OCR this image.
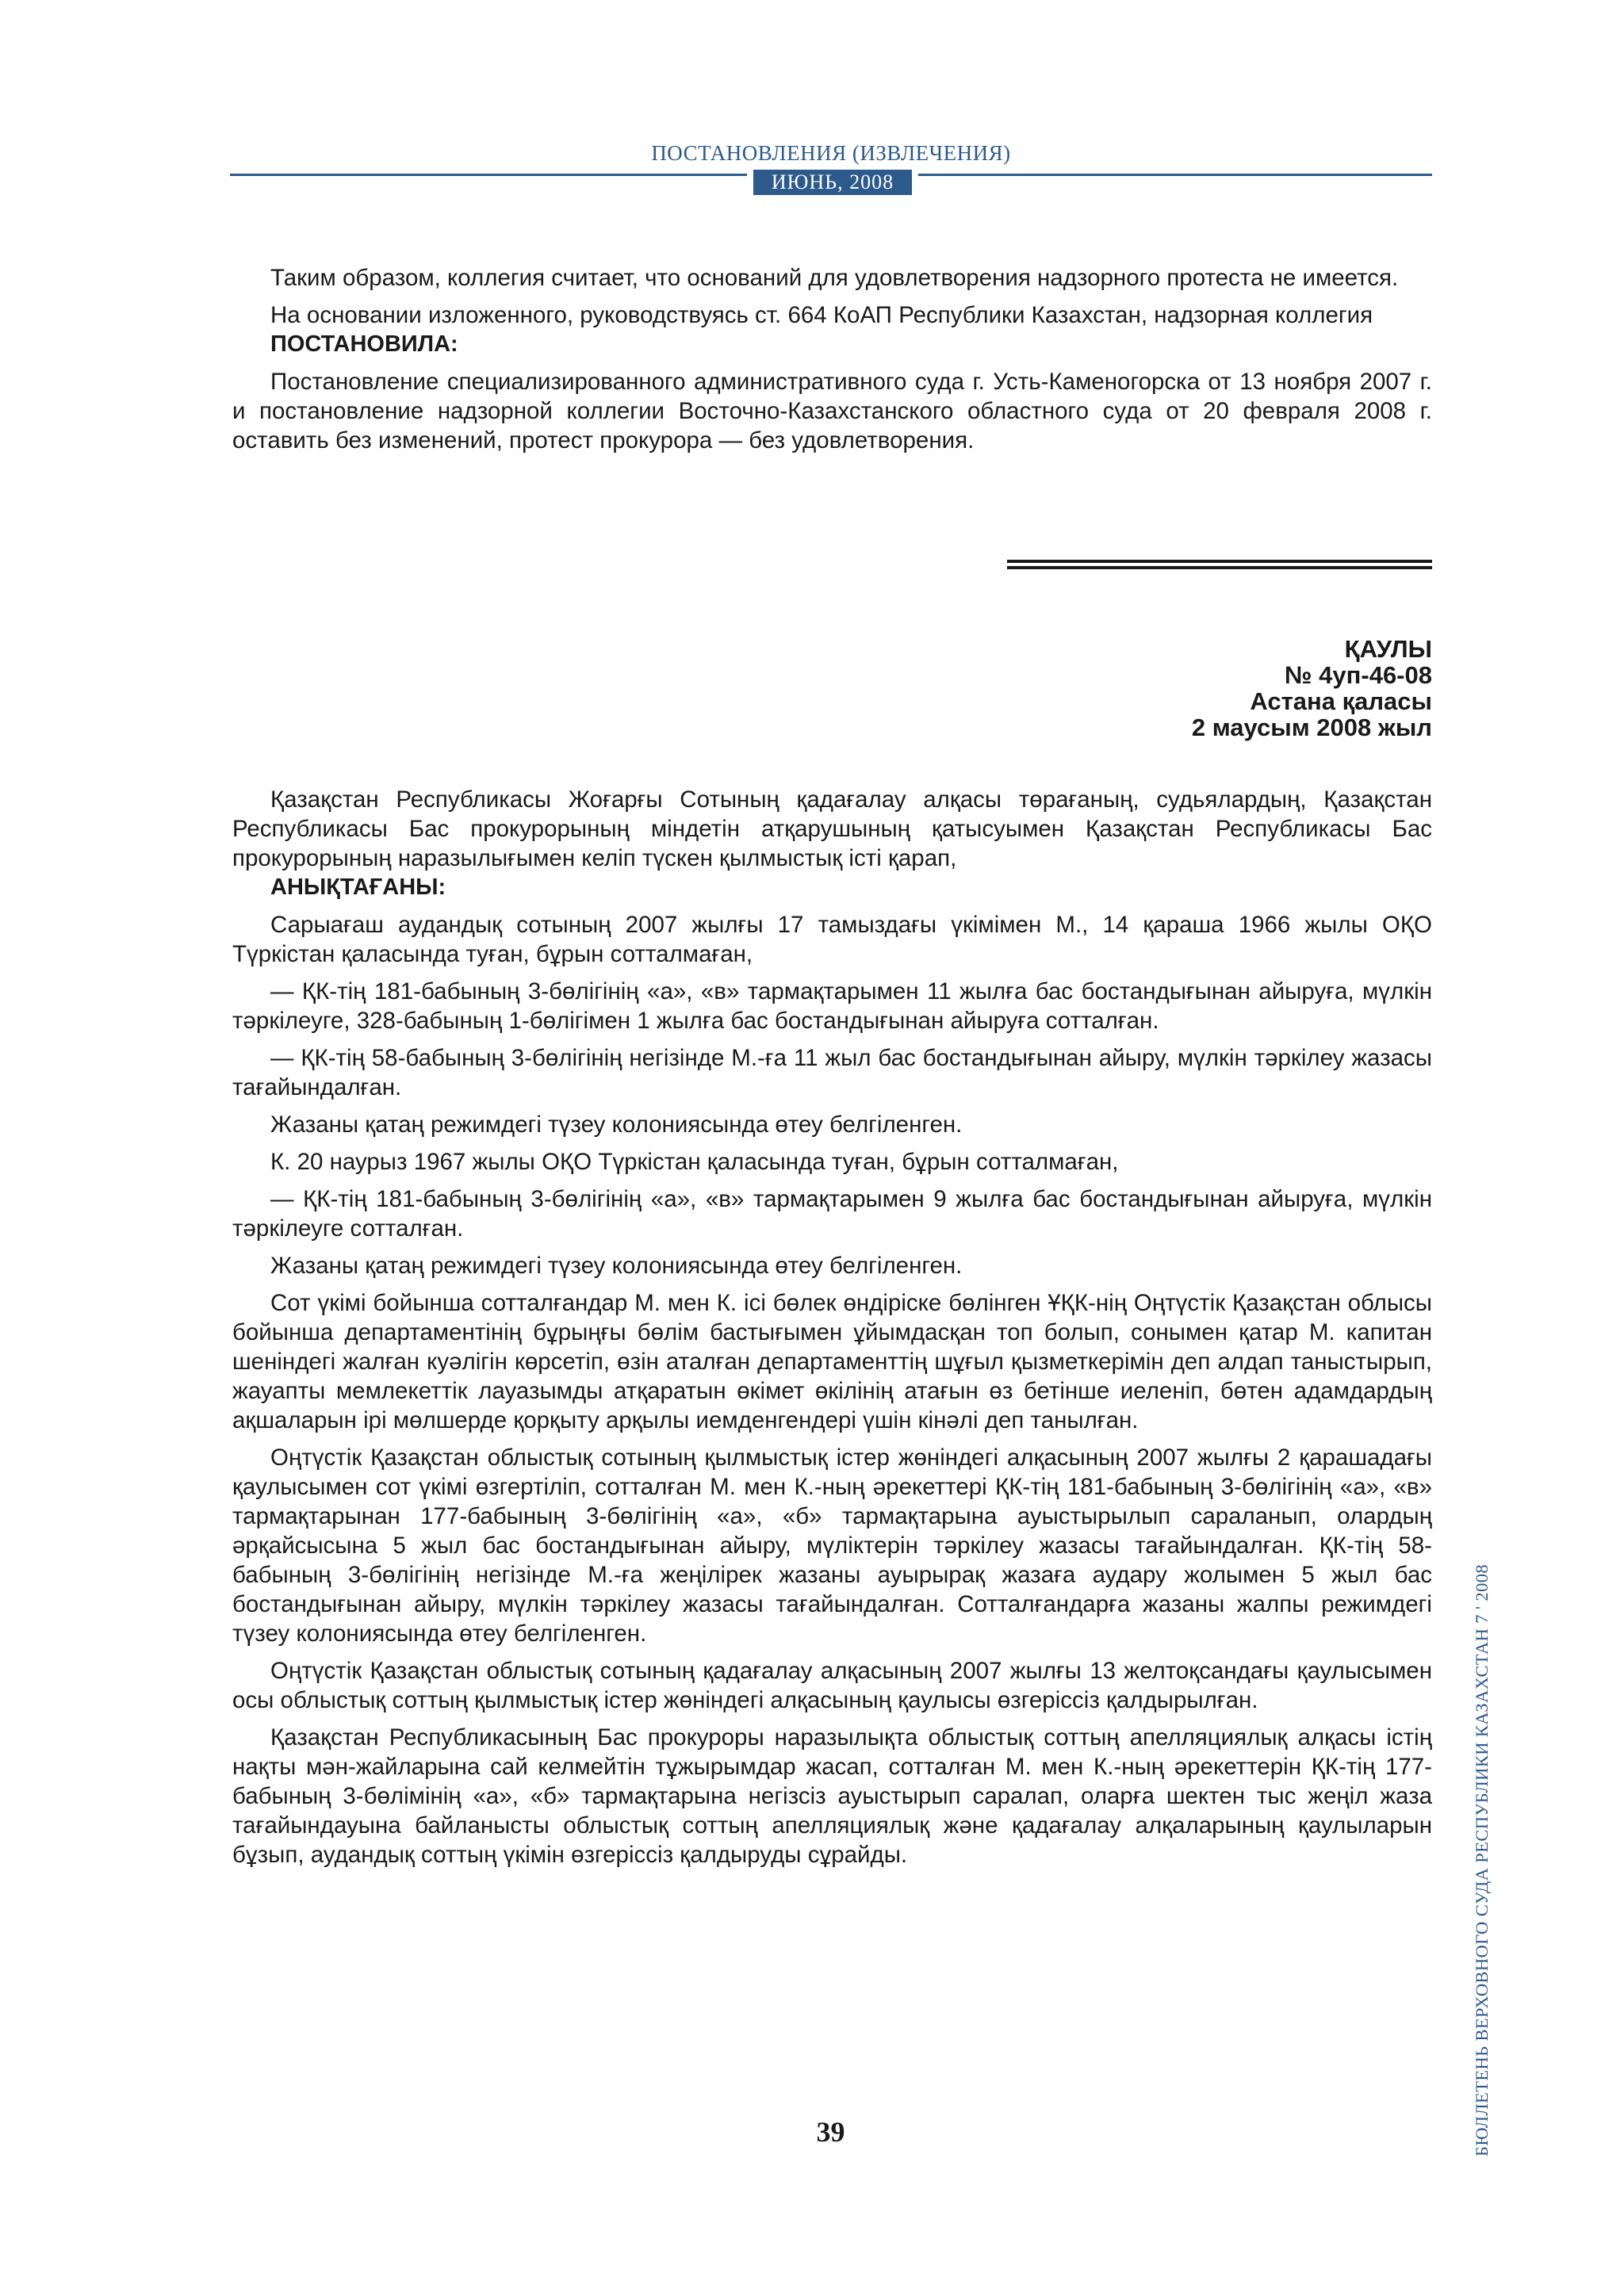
ПОСТАНОВЛЕНИЯ (ИЗВЛЕЧЕНИЯ)
ИЮНЬ, 2008

Таким образом, коллегия считает, что оснований для удовлетворения надзорного протеста не имеется.

На основании изложенного, руководствуясь ст. 664 КоАП Республики Казахстан, надзорная коллегия

ПОСТАНОВИЛА:

Постановление специализированного административного суда г. Усть-Каменогорска от 13 ноября 2007 г. и постановление надзорной коллегии Восточно-Казахстанского областного суда от 20 февраля 2008 г. оставить без изменений, протест прокурора — без удовлетворения.

ҚАУЛЫ
№ 4уп-46-08
Астана қаласы
2 маусым 2008 жыл

Қазақстан Республикасы Жоғарғы Сотының қадағалау алқасы төрағаның, судьялардың, Қазақстан Республикасы Бас прокурорының міндетін атқарушының қатысуымен Қазақстан Республикасы Бас прокурорының наразылығымен келіп түскен қылмыстық істі қарап,

АНЫҚТАҒАНЫ:

Сарыағаш аудандық сотының 2007 жылғы 17 тамыздағы үкімімен М., 14 қараша 1966 жылы ОҚО Түркістан қаласында туған, бұрын сотталмаған,

— ҚК-тің 181-бабының 3-бөлігінің «а», «в» тармақтарымен 11 жылға бас бостандығынан айыруға, мүлкін тәркілеуге, 328-бабының 1-бөлігімен 1 жылға бас бостандығынан айыруға сотталған.

— ҚК-тің 58-бабының 3-бөлігінің негізінде М.-ға 11 жыл бас бостандығынан айыру, мүлкін тәркілеу жазасы тағайындалған.

Жазаны қатаң режимдегі түзеу колониясында өтеу белгіленген.

К. 20 наурыз 1967 жылы ОҚО Түркістан қаласында туған, бұрын сотталмаған,

— ҚК-тің 181-бабының 3-бөлігінің «а», «в» тармақтарымен 9 жылға бас бостандығынан айыруға, мүлкін тәркілеуге сотталған.

Жазаны қатаң режимдегі түзеу колониясында өтеу белгіленген.

Сот үкімі бойынша сотталғандар М. мен К. ісі бөлек өндіріске бөлінген ҰҚК-нің Оңтүстік Қазақстан облысы бойынша департаментінің бұрыңғы бөлім бастығымен ұйымдасқан топ болып, сонымен қатар М. капитан шеніндегі жалған куәлігін көрсетіп, өзін аталған департаменттің шұғыл қызметкерімін деп алдап таныстырып, жауапты мемлекеттік лауазымды атқаратын өкімет өкілінің атағын өз бетінше иеленіп, бөтен адамдардың ақшаларын ірі мөлшерде қорқыту арқылы иемденгендері үшін кінәлі деп танылған.

Оңтүстік Қазақстан облыстық сотының қылмыстық істер жөніндегі алқасының 2007 жылғы 2 қарашадағы қаулысымен сот үкімі өзгертіліп, сотталған М. мен К.-ның әрекеттері ҚК-тің 181-бабының 3-бөлігінің «а», «в» тармақтарынан 177-бабының 3-бөлігінің «а», «б» тармақтарына ауыстырылып сараланып, олардың әрқайсысына 5 жыл бас бостандығынан айыру, мүліктерін тәркілеу жазасы тағайындалған. ҚК-тің 58-бабының 3-бөлігінің негізінде М.-ға жеңілірек жазаны ауырырақ жазаға аудару жолымен 5 жыл бас бостандығынан айыру, мүлкін тәркілеу жазасы тағайындалған. Сотталғандарға жазаны жалпы режимдегі түзеу колониясында өтеу белгіленген.

Оңтүстік Қазақстан облыстық сотының қадағалау алқасының 2007 жылғы 13 желтоқсандағы қаулысымен осы облыстық соттың қылмыстық істер жөніндегі алқасының қаулысы өзгеріссіз қалдырылған.

Қазақстан Республикасының Бас прокуроры наразылықта облыстық соттың апелляциялық алқасы істің нақты мән-жайларына сай келмейтін тұжырымдар жасап, сотталған М. мен К.-ның әрекеттерін ҚК-тің 177-бабының 3-бөлімінің «а», «б» тармақтарына негізсіз ауыстырып саралап, оларға шектен тыс жеңіл жаза тағайындауына байланысты облыстық соттың апелляциялық және қадағалау алқаларының қаулыларын бұзып, аудандық соттың үкімін өзгеріссіз қалдыруды сұрайды.	БЮЛЛЕТЕНЬ ВЕРХОВНОГО СУДА РЕСПУБЛИКИ КАЗАХСТАН 7 ' 2008
39
